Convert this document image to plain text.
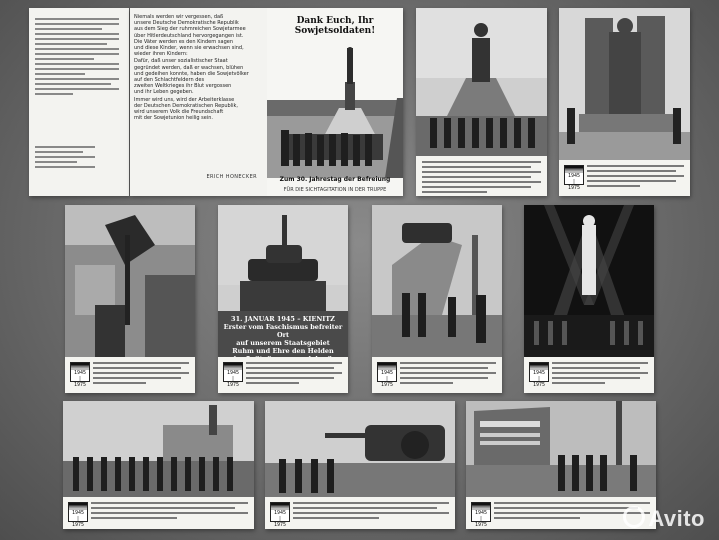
Niemals werden wir vergessen, daß
unsere Deutsche Demokratische Republik
aus dem Sieg der ruhmreichen Sowjetarmee
über Hitlerdeutschland hervorgegangen ist.
Die Väter werden es den Kindern sagen
und diese Kinder, wenn sie erwachsen sind,
wieder ihren Kindern:
Dafür, daß unser sozialistischer Staat
gegründet werden, daß er wachsen, blühen
und gedeihen konnte, haben die Sowjetvölker
auf den Schlachtfeldern des
zweiten Weltkrieges ihr Blut vergossen
und ihr Leben gegeben.
Immer wird uns, wird der Arbeiterklasse
der Deutschen Demokratischen Republik,
wird unserem Volk die Freundschaft
mit der Sowjetunion heilig sein.
ERICH HONECKER
Dank Euch, Ihr Sowjetsoldaten!
Zum 30. Jahrestag der Befreiung
FÜR DIE SICHTAGITATION IN DER TRUPPE
1945 | 1975
1945 | 1975
31. JANUAR 1945 – KIENITZ
Erster vom Faschismus befreiter Ort
auf unserem Staatsgebiet
Ruhm und Ehre den Helden
1945 | 1975
1945 | 1975
1945 | 1975
1945 | 1975
1945 | 1975
1945 | 1975	Avito
